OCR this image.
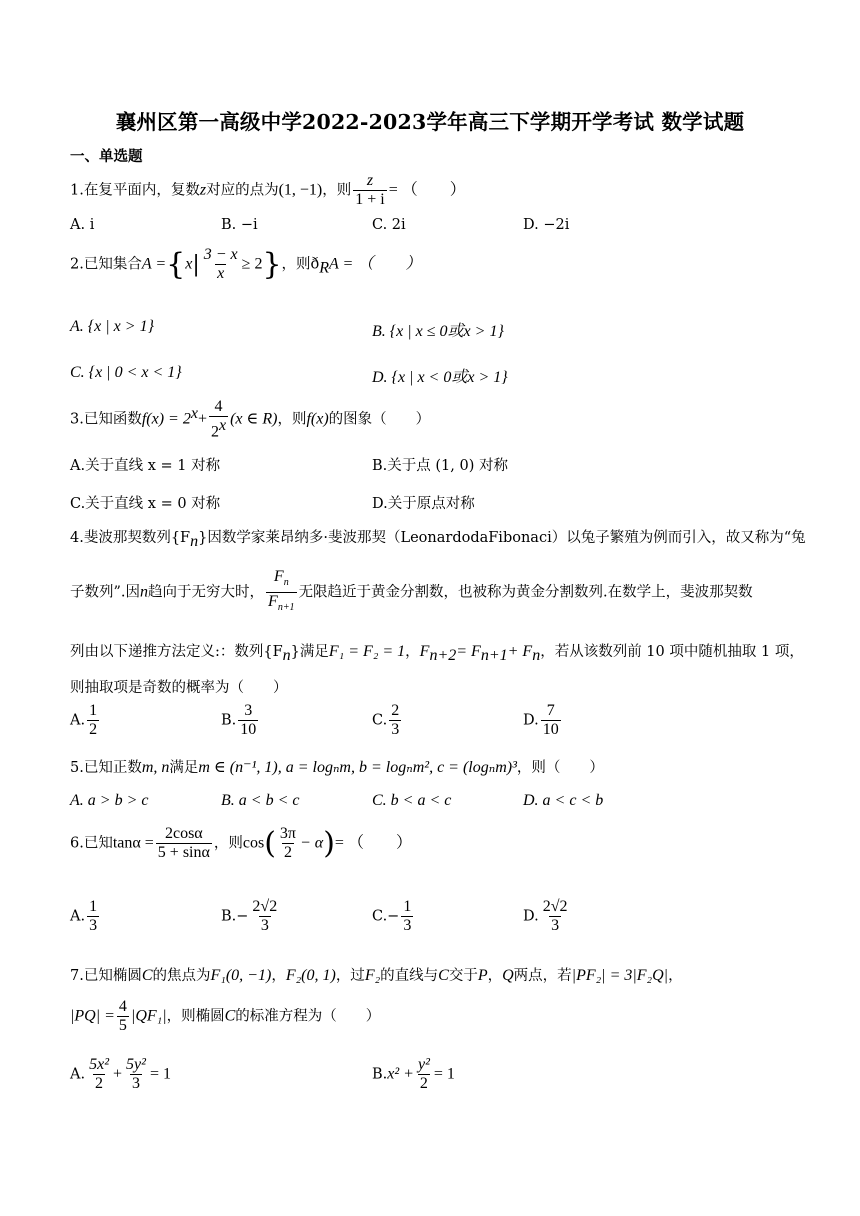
襄州区第一高级中学2022-2023学年高三下学期开学考试 数学试题
一、单选题
1.在复平面内，复数z对应的点为(1, −1)，则 $\frac{z}{1 + i}$ = （　　）
A. i	B. −i	C. 2i	D. −2i
2.已知集合$A =\{x| \frac{3 - x}{x} \ge 2\}$，则$ð_RA$ = （　　）
A. {x | x > 1}	B. {x | x ≤ 0或x > 1}
C. {x | 0 < x < 1}	D. {x | x < 0或x > 1}
3.已知函数$f(x) = 2^x+ \frac{4}{2^x} (x$ ∈ R)，则f(x)的图象（　　）
A.关于直线 x = 1 对称	B.关于点 (1, 0) 对称
C.关于直线 x = 0 对称	D.关于原点对称
4.斐波那契数列$\{F_n\}$因数学家莱昂纳多·斐波那契（LeonardodaFibonaci）以兔子繁殖为例而引入，故又称为“兔
子数列”.因n趋向于无穷大时， $\frac{F_n}{F_{n+1}}$ 无限趋近于黄金分割数，也被称为黄金分割数列.在数学上，斐波那契数
列由以下递推方法定义:：数列$\{F_n\}$满足F₁ = F₂ = 1，$F_{n+2}= F_{n+1}+ F_n$，若从该数列前 10 项中随机抽取 1 项，
则抽取项是奇数的概率为（　　）
A. $\frac{1}{2}$	B. $\frac{3}{10}$	C. $\frac{2}{3}$	D. $\frac{7}{10}$
5.已知正数m, n满足m ∈ (n⁻¹, 1), a = logₙm, b = logₙm², c = (logₙm)³，则（　　）
A. a > b > c	B. a < b < c	C. b < a < c	D. a < c < b
6.已知$\tan\alpha = \frac{2\cos\alpha}{5 + \sin\alpha}$ ，则$\cos( \frac{3\pi}{2} - \alpha)=$ （　　）
A. $\frac{1}{3}$	$B.- \frac{2√2}{3}$	$C.- \frac{1}{3}$	D. $\frac{2√2}{3}$
7.已知椭圆C的焦点为F₁(0, −1)，F₂(0, 1)，过F₂的直线与C交于P，Q两点，若|PF₂| = 3|F₂Q|，
$|PQ| = \frac{4}{5} |QF_1|$，则椭圆C的标准方程为（　　）
A. $\frac{\text{5x²}}{2} + \frac{\text{5y²}}{3} = 1$	$B.x^2 + \frac{\text{y²}}{2} = 1$
